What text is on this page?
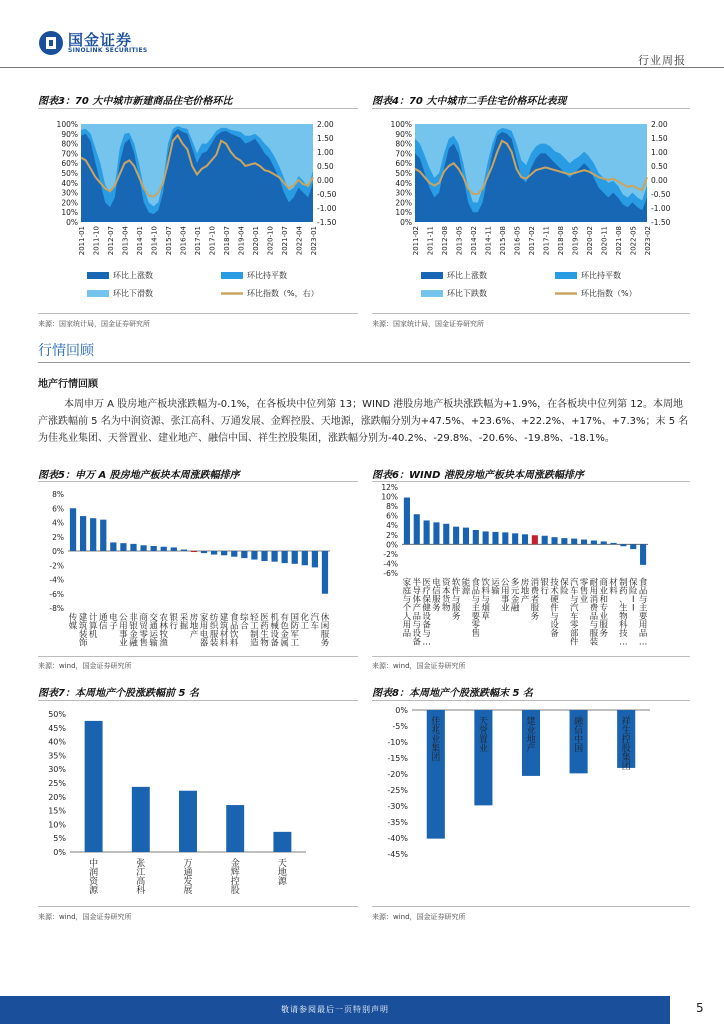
国金证券
SINOLINK SECURITIES
行业周报
图表3：70 大中城市新建商品住宅价格环比
0%
10%
20%
30%
40%
50%
60%
70%
80%
90%
100%
-1.50
-1.00
-0.50
0.00
0.50
1.00
1.50
2.00
2011-01 2011-10 2012-07 2013-04 2014-01 2014-10 2015-07 2016-04 2017-01 2017-10 2018-07 2019-04 2020-01 2020-10 2021-07 2022-04 2023-01
环比上涨数	环比持平数
环比下滑数	环比指数（%，右）
来源：国家统计局，国金证券研究所
图表4：70 大中城市二手住宅价格环比表现
0%
10%
20%
30%
40%
50%
60%
70%
80%
90%
100%
-1.50
-1.00
-0.50
0.00
0.50
1.00
1.50
2.00
2011-02 2011-11 2012-08 2013-05 2014-02 2014-11 2015-08 2016-05 2017-02 2017-11 2018-08 2019-05 2020-02 2020-11 2021-08 2022-05 2023-02
环比上涨数	环比持平数
环比下跌数	环比指数（%）
来源：国家统计局，国金证券研究所
行情回顾
地产行情回顾
本周申万 A 股房地产板块涨跌幅为-0.1%，在各板块中位列第 13；WIND 港股房地产板块涨跌幅为+1.9%，在各板块中位列第 12。本周地产涨跌幅前 5 名为中润资源、张江高科、万通发展、金辉控股、天地源，涨跌幅分别为+47.5%、+23.6%、+22.2%、+17%、+7.3%；末 5 名为佳兆业集团、天誉置业、建业地产、融信中国、祥生控股集团，涨跌幅分别为-40.2%、-29.8%、-20.6%、-19.8%、-18.1%。
图表5：申万 A 股房地产板块本周涨跌幅排序
8%
6%
4%
2%
0%
-2%
-4%
-6%
-8%
传媒
建筑装饰
计算机
通信
电子
公用事业
非银金融
商贸零售
交通运输
农林牧渔
银行
采掘
房地产
家用电器
纺织服装
建筑材料
食品饮料
综合
轻工制造
医药生物
机械设备
有色金属
国防军工
化工
汽车
休闲服务
来源：wind，国金证券研究所
图表6：WIND 港股房地产板块本周涨跌幅排序
12%
10%
8%
6%
4%
2%
0%
-2%
-4%
-6%
家庭与个人用品
半导体产品与设备
医疗保健设备与…
电信服务
资本货物
软件与服务
能源
食品与主要零售
饮料与烟草
运输
公用事业
多元金融
房地产
消费者服务
银行
技术硬件与设备
保险
汽车与汽车零部件
零售业
耐用消费品与服装
商业和专业服务
材料
制药、生物科技…
保险 I I
食品与主要用品…
来源：wind，国金证券研究所
图表7：本周地产个股涨跌幅前 5 名
50%
45%
40%
35%
30%
25%
20%
15%
10%
5%
0%
中润资源
张江高科
万通发展
金辉控股
天地源
来源：wind，国金证券研究所
图表8：本周地产个股涨跌幅末 5 名
0%
-5%
-10%
-15%
-20%
-25%
-30%
-35%
-40%
-45%
佳兆业集团
天誉置业
建业地产
融信中国
祥生控股集团
来源：wind，国金证券研究所
敬请参阅最后一页特别声明	5
